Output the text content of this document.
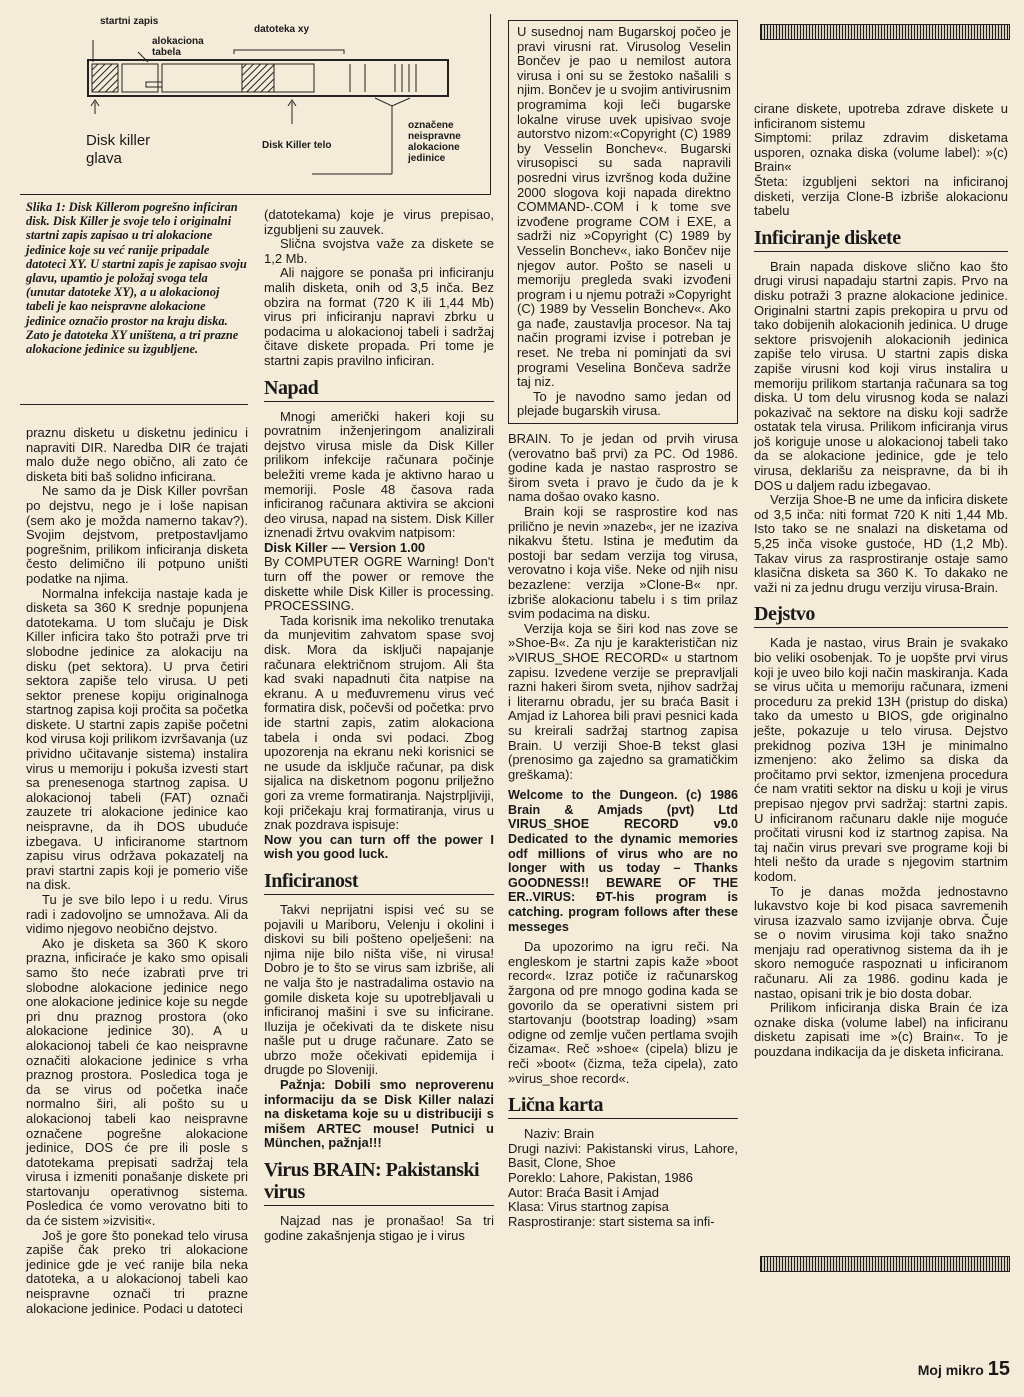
startni zapis
alokaciona tabela
datoteka xy
Disk killer glava
Disk Killer telo
označene neispravne alokacione jedinice
Slika 1: Disk Killerom pogrešno inficiran disk. Disk Killer je svoje telo i originalni startni zapis zapisao u tri alokacione jedinice koje su već ranije pripadale datoteci XY. U startni zapis je zapisao svoju glavu, upamtio je položaj svoga tela (unutar datoteke XY), a u alokacionoj tabeli je kao neispravne alokacione jedinice označio prostor na kraju diska. Zato je datoteka XY uništena, a tri prazne alokacione jedinice su izgubljene.

praznu disketu u disketnu jedinicu i napraviti DIR. Naredba DIR će trajati malo duže nego obično, ali zato će disketa biti baš solidno inficirana.

Ne samo da je Disk Killer površan po dejstvu, nego je i loše napisan (sem ako je možda namerno takav?). Svojim dejstvom, pretpostavljamo pogrešnim, prilikom inficiranja disketa često delimično ili potpuno uništi podatke na njima.

Normalna infekcija nastaje kada je disketa sa 360 K srednje popunjena datotekama. U tom slučaju je Disk Killer inficira tako što potraži prve tri slobodne jedinice za alokaciju na disku (pet sektora). U prva četiri sektora zapiše telo virusa. U peti sektor prenese kopiju originalnoga startnog zapisa koji pročita sa početka diskete. U startni zapis zapiše početni kod virusa koji prilikom izvršavanja (uz prividno učitavanje sistema) instalira virus u memoriju i pokuša izvesti start sa prenesenoga startnog zapisa. U alokacionoj tabeli (FAT) označi zauzete tri alokacione jedinice kao neispravne, da ih DOS ubuduće izbegava. U inficiranome startnom zapisu virus održava pokazatelj na pravi startni zapis koji je pomerio više na disk.

Tu je sve bilo lepo i u redu. Virus radi i zadovoljno se umnožava. Ali da vidimo njegovo neobično dejstvo.

Ako je disketa sa 360 K skoro prazna, inficiraće je kako smo opisali samo što neće izabrati prve tri slobodne alokacione jedinice nego one alokacione jedinice koje su negde pri dnu praznog prostora (oko alokacione jedinice 30). A u alokacionoj tabeli će kao neispravne označiti alokacione jedinice s vrha praznog prostora. Posledica toga je da se virus od početka inače normalno širi, ali pošto su u alokacionoj tabeli kao neispravne označene pogrešne alokacione jedinice, DOS će pre ili posle s datotekama prepisati sadržaj tela virusa i izmeniti ponašanje diskete pri startovanju operativnog sistema. Posledica će vomo verovatno biti to da će sistem »izvisiti«.

Još je gore što ponekad telo virusa zapiše čak preko tri alokacione jedinice gde je već ranije bila neka datoteka, a u alokacionoj tabeli kao neispravne označi tri prazne alokacione jedinice. Podaci u datoteci

(datotekama) koje je virus prepisao, izgubljeni su zauvek.

Slična svojstva važe za diskete se 1,2 Mb.

Ali najgore se ponaša pri inficiranju malih disketa, onih od 3,5 inča. Bez obzira na format (720 K ili 1,44 Mb) virus pri inficiranju napravi zbrku u podacima u alokacionoj tabeli i sadržaj čitave diskete propada. Pri tome je startni zapis pravilno inficiran.

Napad

Mnogi američki hakeri koji su povratnim inženjeringom analizirali dejstvo virusa misle da Disk Killer prilikom infekcije računara počinje beležiti vreme kada je aktivno harao u memoriji. Posle 48 časova rada inficiranog računara aktivira se akcioni deo virusa, napad na sistem. Disk Killer iznenadi žrtvu ovakvim natpisom:

Disk Killer –– Version 1.00

By COMPUTER OGRE Warning! Don't turn off the power or remove the diskette while Disk Killer is processing. PROCESSING.

Tada korisnik ima nekoliko trenutaka da munjevitim zahvatom spase svoj disk. Mora da isključi napajanje računara električnom strujom. Ali šta kad svaki napadnuti čita natpise na ekranu. A u međuvremenu virus već formatira disk, počevši od početka: prvo ide startni zapis, zatim alokaciona tabela i onda svi podaci. Zbog upozorenja na ekranu neki korisnici se ne usude da isključe računar, pa disk sijalica na disketnom pogonu prilježno gori za vreme formatiranja. Najstrpljiviji, koji pričekaju kraj formatiranja, virus u znak pozdrava ispisuje:

Now you can turn off the power I wish you good luck.

Inficiranost

Takvi neprijatni ispisi već su se pojavili u Mariboru, Velenju i okolini i diskovi su bili pošteno opelješeni: na njima nije bilo ništa više, ni virusa! Dobro je to što se virus sam izbriše, ali ne valja što je nastradalima ostavio na gomile disketa koje su upotrebljavali u inficiranoj mašini i sve su inficirane. Iluzija je očekivati da te diskete nisu našle put u druge računare. Zato se ubrzo može očekivati epidemija i drugde po Sloveniji.

Pažnja: Dobili smo neproverenu informaciju da se Disk Killer nalazi na disketama koje su u distribuciji s mišem ARTEC mouse! Putnici u München, pažnja!!!

Virus BRAIN: Pakistanski virus

Najzad nas je pronašao! Sa tri godine zakašnjenja stigao je i virus

U susednoj nam Bugarskoj počeo je pravi virusni rat. Virusolog Veselin Bončev je pao u nemilost autora virusa i oni su se žestoko našalili s njim. Bončev je u svojim antivirusnim programima koji leči bugarske lokalne viruse uvek upisivao svoje autorstvo nizom:«Copyright (C) 1989 by Vesselin Bonchev«. Bugarski virusopisci su sada napravili posredni virus izvršnog koda dužine 2000 slogova koji napada direktno COMMAND-.COM i k tome sve izvođene programe COM i EXE, a sadrži niz »Copyright (C) 1989 by Vesselin Bonchev«, iako Bončev nije njegov autor. Pošto se naseli u memoriju pregleda svaki izvođeni program i u njemu potraži »Copyright (C) 1989 by Vesselin Bonchev«. Ako ga nađe, zaustavlja procesor. Na taj način programi izvise i potreban je reset. Ne treba ni pominjati da svi programi Veselina Bončeva sadrže taj niz.

To je navodno samo jedan od plejade bugarskih virusa.

BRAIN. To je jedan od prvih virusa (verovatno baš prvi) za PC. Od 1986. godine kada je nastao rasprostro se širom sveta i pravo je čudo da je k nama došao ovako kasno.

Brain koji se rasprostire kod nas prilično je nevin »nazeb«, jer ne izaziva nikakvu štetu. Istina je međutim da postoji bar sedam verzija tog virusa, verovatno i koja više. Neke od njih nisu bezazlene: verzija »Clone-B« npr. izbriše alokacionu tabelu i s tim prilaz svim podacima na disku.

Verzija koja se širi kod nas zove se »Shoe-B«. Za nju je karakterističan niz »VIRUS_SHOE RECORD« u startnom zapisu. Izvedene verzije se prepravljali razni hakeri širom sveta, njihov sadržaj i literarnu obradu, jer su braća Basit i Amjad iz Lahorea bili pravi pesnici kada su kreirali sadržaj startnog zapisa Brain. U verziji Shoe-B tekst glasi (prenosimo ga zajedno sa gramatičkim greškama):

Welcome to the Dungeon. (c) 1986 Brain & Amjads (pvt) Ltd VIRUS_SHOE RECORD v9.0 Dedicated to the dynamic memories odf millions of virus who are no longer with us today – Thanks GOODNESS!! BEWARE OF THE ER..VIRUS: ÐT-his program is catching. program follows after these messeges

Da upozorimo na igru reči. Na engleskom je startni zapis kaže »boot record«. Izraz potiče iz računarskog žargona od pre mnogo godina kada se govorilo da se operativni sistem pri startovanju (bootstrap loading) »sam odigne od zemlje vučen pertlama svojih čizama«. Reč »shoe« (cipela) blizu je reči »boot« (čizma, teža cipela), zato »virus_shoe record«.

Lična karta

Naziv: Brain

Drugi nazivi: Pakistanski virus, Lahore, Basit, Clone, Shoe

Poreklo: Lahore, Pakistan, 1986

Autor: Braća Basit i Amjad

Klasa: Virus startnog zapisa

Rasprostiranje: start sistema sa infi-

cirane diskete, upotreba zdrave diskete u inficiranom sistemu

Simptomi: prilaz zdravim disketama usporen, oznaka diska (volume label): »(c) Brain«

Šteta: izgubljeni sektori na inficiranoj disketi, verzija Clone-B izbriše alokacionu tabelu

Inficiranje diskete

Brain napada diskove slično kao što drugi virusi napadaju startni zapis. Prvo na disku potraži 3 prazne alokacione jedinice. Originalni startni zapis prekopira u prvu od tako dobijenih alokacionih jedinica. U druge sektore prisvojenih alokacionih jedinica zapiše telo virusa. U startni zapis diska zapiše virusni kod koji virus instalira u memoriju prilikom startanja računara sa tog diska. U tom delu virusnog koda se nalazi pokazivač na sektore na disku koji sadrže ostatak tela virusa. Prilikom inficiranja virus još koriguje unose u alokacionoj tabeli tako da se alokacione jedinice, gde je telo virusa, deklarišu za neispravne, da bi ih DOS u daljem radu izbegavao.

Verzija Shoe-B ne ume da inficira diskete od 3,5 inča: niti format 720 K niti 1,44 Mb. Isto tako se ne snalazi na disketama od 5,25 inča visoke gustoće, HD (1,2 Mb). Takav virus za rasprostiranje ostaje samo klasična disketa sa 360 K. To dakako ne važi ni za jednu drugu verziju virusa-Brain.

Dejstvo

Kada je nastao, virus Brain je svakako bio veliki osobenjak. To je uopšte prvi virus koji je uveo bilo koji način maskiranja. Kada se virus učita u memoriju računara, izmeni proceduru za prekid 13H (pristup do diska) tako da umesto u BIOS, gde originalno ješte, pokazuje u telo virusa. Dejstvo prekidnog poziva 13H je minimalno izmenjeno: ako želimo sa diska da pročitamo prvi sektor, izmenjena procedura će nam vratiti sektor na disku u koji je virus prepisao njegov prvi sadržaj: startni zapis. U inficiranom računaru dakle nije moguće pročitati virusni kod iz startnog zapisa. Na taj način virus prevari sve programe koji bi hteli nešto da urade s njegovim startnim kodom.

To je danas možda jednostavno lukavstvo koje bi kod pisaca savremenih virusa izazvalo samo izvijanje obrva. Čuje se o novim virusima koji tako snažno menjaju rad operativnog sistema da ih je skoro nemoguće raspoznati u inficiranom računaru. Ali za 1986. godinu kada je nastao, opisani trik je bio dosta dobar.

Prilikom inficiranja diska Brain će iza oznake diska (volume label) na inficiranu disketu zapisati ime »(c) Brain«. To je pouzdana indikacija da je disketa inficirana.

Moj mikro 15
